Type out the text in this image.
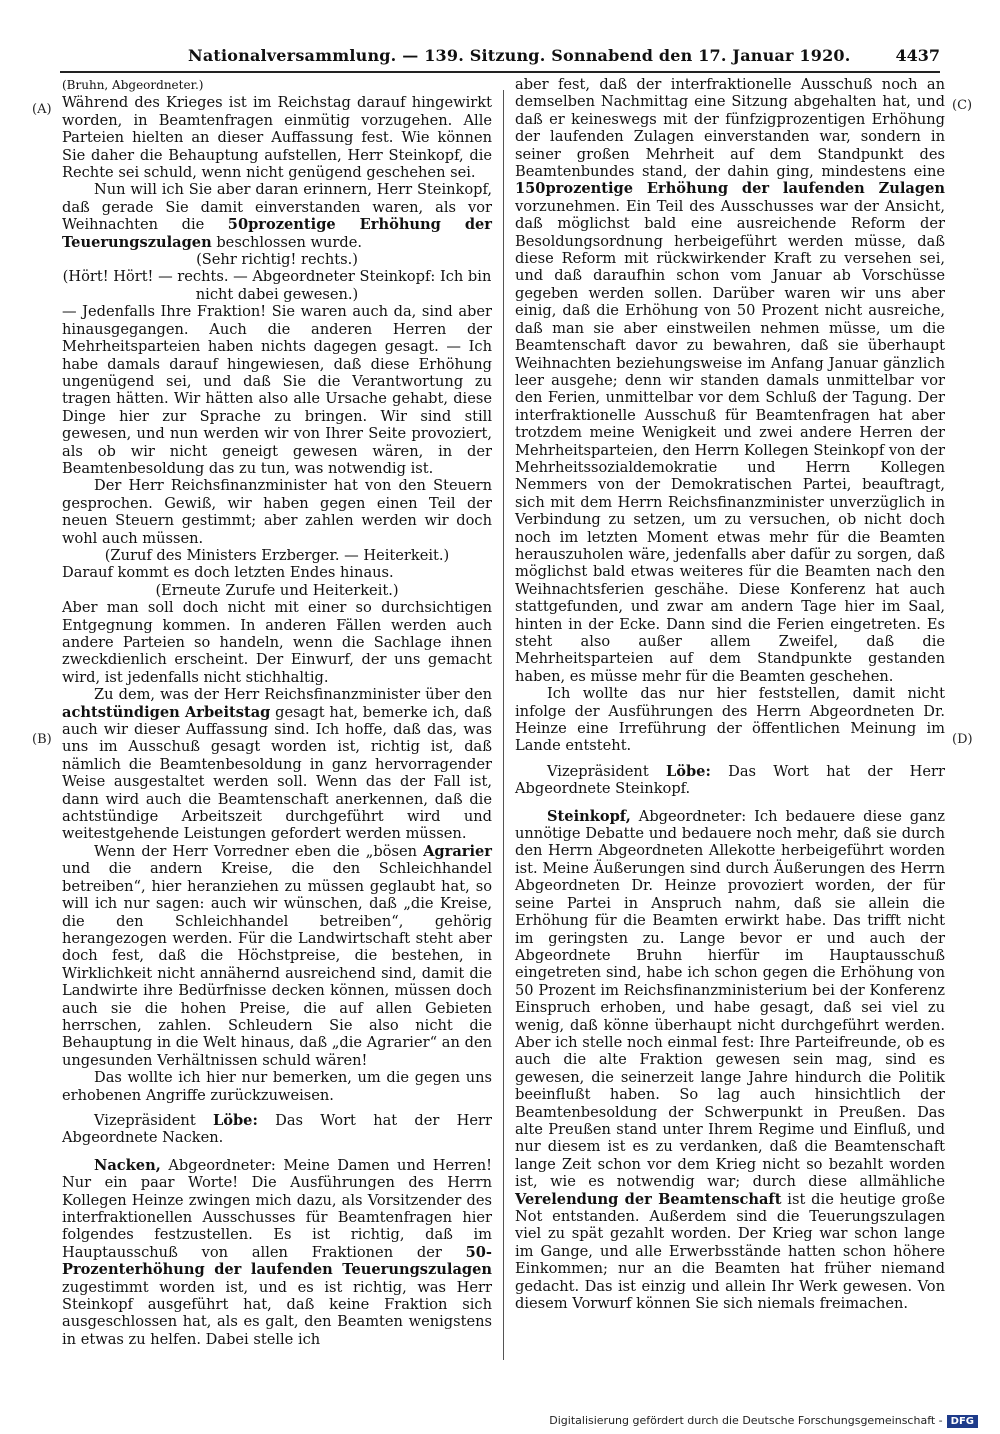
Nationalversammlung. — 139. Sitzung. Sonnabend den 17. Januar 1920.	4437
(A)
(B)
(C)
(D)

(Bruhn, Abgeordneter.)

Während des Krieges ist im Reichstag darauf hingewirkt worden, in Beamtenfragen einmütig vorzugehen. Alle Parteien hielten an dieser Auffassung fest. Wie können Sie daher die Behauptung aufstellen, Herr Steinkopf, die Rechte sei schuld, wenn nicht genügend geschehen sei.

Nun will ich Sie aber daran erinnern, Herr Steinkopf, daß gerade Sie damit einverstanden waren, als vor Weihnachten die 50prozentige Erhöhung der Teuerungszulagen beschlossen wurde.

(Sehr richtig! rechts.)

(Hört! Hört! — rechts. — Abgeordneter Steinkopf: Ich bin nicht dabei gewesen.)

— Jedenfalls Ihre Fraktion! Sie waren auch da, sind aber hinausgegangen. Auch die anderen Herren der Mehrheitsparteien haben nichts dagegen gesagt. — Ich habe damals darauf hingewiesen, daß diese Erhöhung ungenügend sei, und daß Sie die Verantwortung zu tragen hätten. Wir hätten also alle Ursache gehabt, diese Dinge hier zur Sprache zu bringen. Wir sind still gewesen, und nun werden wir von Ihrer Seite provoziert, als ob wir nicht geneigt gewesen wären, in der Beamtenbesoldung das zu tun, was notwendig ist.

Der Herr Reichsfinanzminister hat von den Steuern gesprochen. Gewiß, wir haben gegen einen Teil der neuen Steuern gestimmt; aber zahlen werden wir doch wohl auch müssen.

(Zuruf des Ministers Erzberger. — Heiterkeit.)

Darauf kommt es doch letzten Endes hinaus.

(Erneute Zurufe und Heiterkeit.)

Aber man soll doch nicht mit einer so durchsichtigen Entgegnung kommen. In anderen Fällen werden auch andere Parteien so handeln, wenn die Sachlage ihnen zweckdienlich erscheint. Der Einwurf, der uns gemacht wird, ist jedenfalls nicht stichhaltig.

Zu dem, was der Herr Reichsfinanzminister über den achtstündigen Arbeitstag gesagt hat, bemerke ich, daß auch wir dieser Auffassung sind. Ich hoffe, daß das, was uns im Ausschuß gesagt worden ist, richtig ist, daß nämlich die Beamtenbesoldung in ganz hervorragender Weise ausgestaltet werden soll. Wenn das der Fall ist, dann wird auch die Beamtenschaft anerkennen, daß die achtstündige Arbeitszeit durchgeführt wird und weitestgehende Leistungen gefordert werden müssen.

Wenn der Herr Vorredner eben die „bösen Agrarier und die andern Kreise, die den Schleichhandel betreiben“, hier heranziehen zu müssen geglaubt hat, so will ich nur sagen: auch wir wünschen, daß „die Kreise, die den Schleichhandel betreiben“, gehörig herangezogen werden. Für die Landwirtschaft steht aber doch fest, daß die Höchstpreise, die bestehen, in Wirklichkeit nicht annähernd ausreichend sind, damit die Landwirte ihre Bedürfnisse decken können, müssen doch auch sie die hohen Preise, die auf allen Gebieten herrschen, zahlen. Schleudern Sie also nicht die Behauptung in die Welt hinaus, daß „die Agrarier“ an den ungesunden Verhältnissen schuld wären!

Das wollte ich hier nur bemerken, um die gegen uns erhobenen Angriffe zurückzuweisen.

Vizepräsident Löbe: Das Wort hat der Herr Abgeordnete Nacken.

Nacken, Abgeordneter: Meine Damen und Herren! Nur ein paar Worte! Die Ausführungen des Herrn Kollegen Heinze zwingen mich dazu, als Vorsitzender des interfraktionellen Ausschusses für Beamtenfragen hier folgendes festzustellen. Es ist richtig, daß im Hauptausschuß von allen Fraktionen der 50-Prozenterhöhung der laufenden Teuerungszulagen zugestimmt worden ist, und es ist richtig, was Herr Steinkopf ausgeführt hat, daß keine Fraktion sich ausgeschlossen hat, als es galt, den Beamten wenigstens in etwas zu helfen. Dabei stelle ich

aber fest, daß der interfraktionelle Ausschuß noch an demselben Nachmittag eine Sitzung abgehalten hat, und daß er keineswegs mit der fünfzigprozentigen Erhöhung der laufenden Zulagen einverstanden war, sondern in seiner großen Mehrheit auf dem Standpunkt des Beamtenbundes stand, der dahin ging, mindestens eine 150prozentige Erhöhung der laufenden Zulagen vorzunehmen. Ein Teil des Ausschusses war der Ansicht, daß möglichst bald eine ausreichende Reform der Besoldungsordnung herbeigeführt werden müsse, daß diese Reform mit rückwirkender Kraft zu versehen sei, und daß daraufhin schon vom Januar ab Vorschüsse gegeben werden sollen. Darüber waren wir uns aber einig, daß die Erhöhung von 50 Prozent nicht ausreiche, daß man sie aber einstweilen nehmen müsse, um die Beamtenschaft davor zu bewahren, daß sie überhaupt Weihnachten beziehungsweise im Anfang Januar gänzlich leer ausgehe; denn wir standen damals unmittelbar vor den Ferien, unmittelbar vor dem Schluß der Tagung. Der interfraktionelle Ausschuß für Beamtenfragen hat aber trotzdem meine Wenigkeit und zwei andere Herren der Mehrheitsparteien, den Herrn Kollegen Steinkopf von der Mehrheitssozialdemokratie und Herrn Kollegen Nemmers von der Demokratischen Partei, beauftragt, sich mit dem Herrn Reichsfinanzminister unverzüglich in Verbindung zu setzen, um zu versuchen, ob nicht doch noch im letzten Moment etwas mehr für die Beamten herauszuholen wäre, jedenfalls aber dafür zu sorgen, daß möglichst bald etwas weiteres für die Beamten nach den Weihnachtsferien geschähe. Diese Konferenz hat auch stattgefunden, und zwar am andern Tage hier im Saal, hinten in der Ecke. Dann sind die Ferien eingetreten. Es steht also außer allem Zweifel, daß die Mehrheitsparteien auf dem Standpunkte gestanden haben, es müsse mehr für die Beamten geschehen.

Ich wollte das nur hier feststellen, damit nicht infolge der Ausführungen des Herrn Abgeordneten Dr. Heinze eine Irreführung der öffentlichen Meinung im Lande entsteht.

Vizepräsident Löbe: Das Wort hat der Herr Abgeordnete Steinkopf.

Steinkopf, Abgeordneter: Ich bedauere diese ganz unnötige Debatte und bedauere noch mehr, daß sie durch den Herrn Abgeordneten Allekotte herbeigeführt worden ist. Meine Äußerungen sind durch Äußerungen des Herrn Abgeordneten Dr. Heinze provoziert worden, der für seine Partei in Anspruch nahm, daß sie allein die Erhöhung für die Beamten erwirkt habe. Das trifft nicht im geringsten zu. Lange bevor er und auch der Abgeordnete Bruhn hierfür im Hauptausschuß eingetreten sind, habe ich schon gegen die Erhöhung von 50 Prozent im Reichsfinanzministerium bei der Konferenz Einspruch erhoben, und habe gesagt, daß sei viel zu wenig, daß könne überhaupt nicht durchgeführt werden. Aber ich stelle noch einmal fest: Ihre Parteifreunde, ob es auch die alte Fraktion gewesen sein mag, sind es gewesen, die seinerzeit lange Jahre hindurch die Politik beeinflußt haben. So lag auch hinsichtlich der Beamtenbesoldung der Schwerpunkt in Preußen. Das alte Preußen stand unter Ihrem Regime und Einfluß, und nur diesem ist es zu verdanken, daß die Beamtenschaft lange Zeit schon vor dem Krieg nicht so bezahlt worden ist, wie es notwendig war; durch diese allmähliche Verelendung der Beamtenschaft ist die heutige große Not entstanden. Außerdem sind die Teuerungszulagen viel zu spät gezahlt worden. Der Krieg war schon lange im Gange, und alle Erwerbsstände hatten schon höhere Einkommen; nur an die Beamten hat früher niemand gedacht. Das ist einzig und allein Ihr Werk gewesen. Von diesem Vorwurf können Sie sich niemals freimachen.

Digitalisierung gefördert durch die Deutsche Forschungsgemeinschaft - DFG
